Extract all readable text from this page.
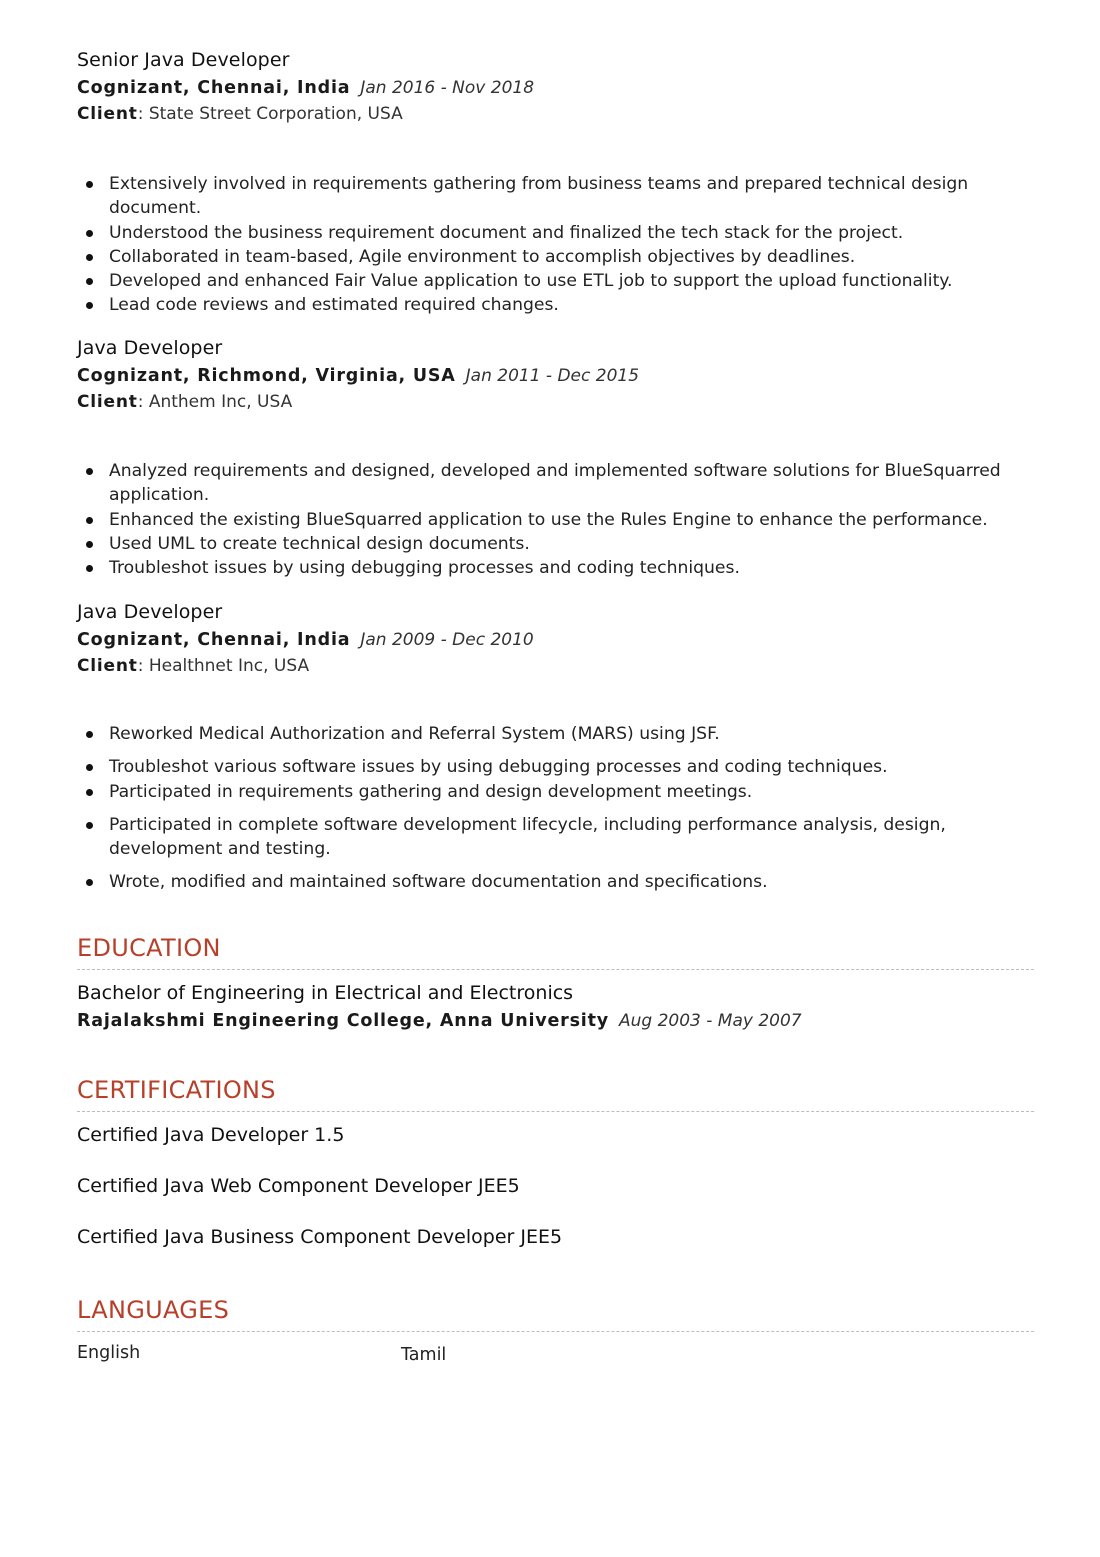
Senior Java Developer
Cognizant, Chennai, India Jan 2016 - Nov 2018
Client: State Street Corporation, USA
Extensively involved in requirements gathering from business teams and prepared technical design document.
Understood the business requirement document and finalized the tech stack for the project.
Collaborated in team-based, Agile environment to accomplish objectives by deadlines.
Developed and enhanced Fair Value application to use ETL job to support the upload functionality.
Lead code reviews and estimated required changes.
Java Developer
Cognizant, Richmond, Virginia, USA Jan 2011 - Dec 2015
Client: Anthem Inc, USA
Analyzed requirements and designed, developed and implemented software solutions for BlueSquarred application.
Enhanced the existing BlueSquarred application to use the Rules Engine to enhance the performance.
Used UML to create technical design documents.
Troubleshot issues by using debugging processes and coding techniques.
Java Developer
Cognizant, Chennai, India Jan 2009 - Dec 2010
Client: Healthnet Inc, USA
Reworked Medical Authorization and Referral System (MARS) using JSF.
Troubleshot various software issues by using debugging processes and coding techniques.
Participated in requirements gathering and design development meetings.
Participated in complete software development lifecycle, including performance analysis, design, development and testing.
Wrote, modified and maintained software documentation and specifications.
EDUCATION
Bachelor of Engineering in Electrical and Electronics
Rajalakshmi Engineering College, Anna University Aug 2003 - May 2007
CERTIFICATIONS
Certified Java Developer 1.5
Certified Java Web Component Developer JEE5
Certified Java Business Component Developer JEE5
LANGUAGES
English	Tamil
